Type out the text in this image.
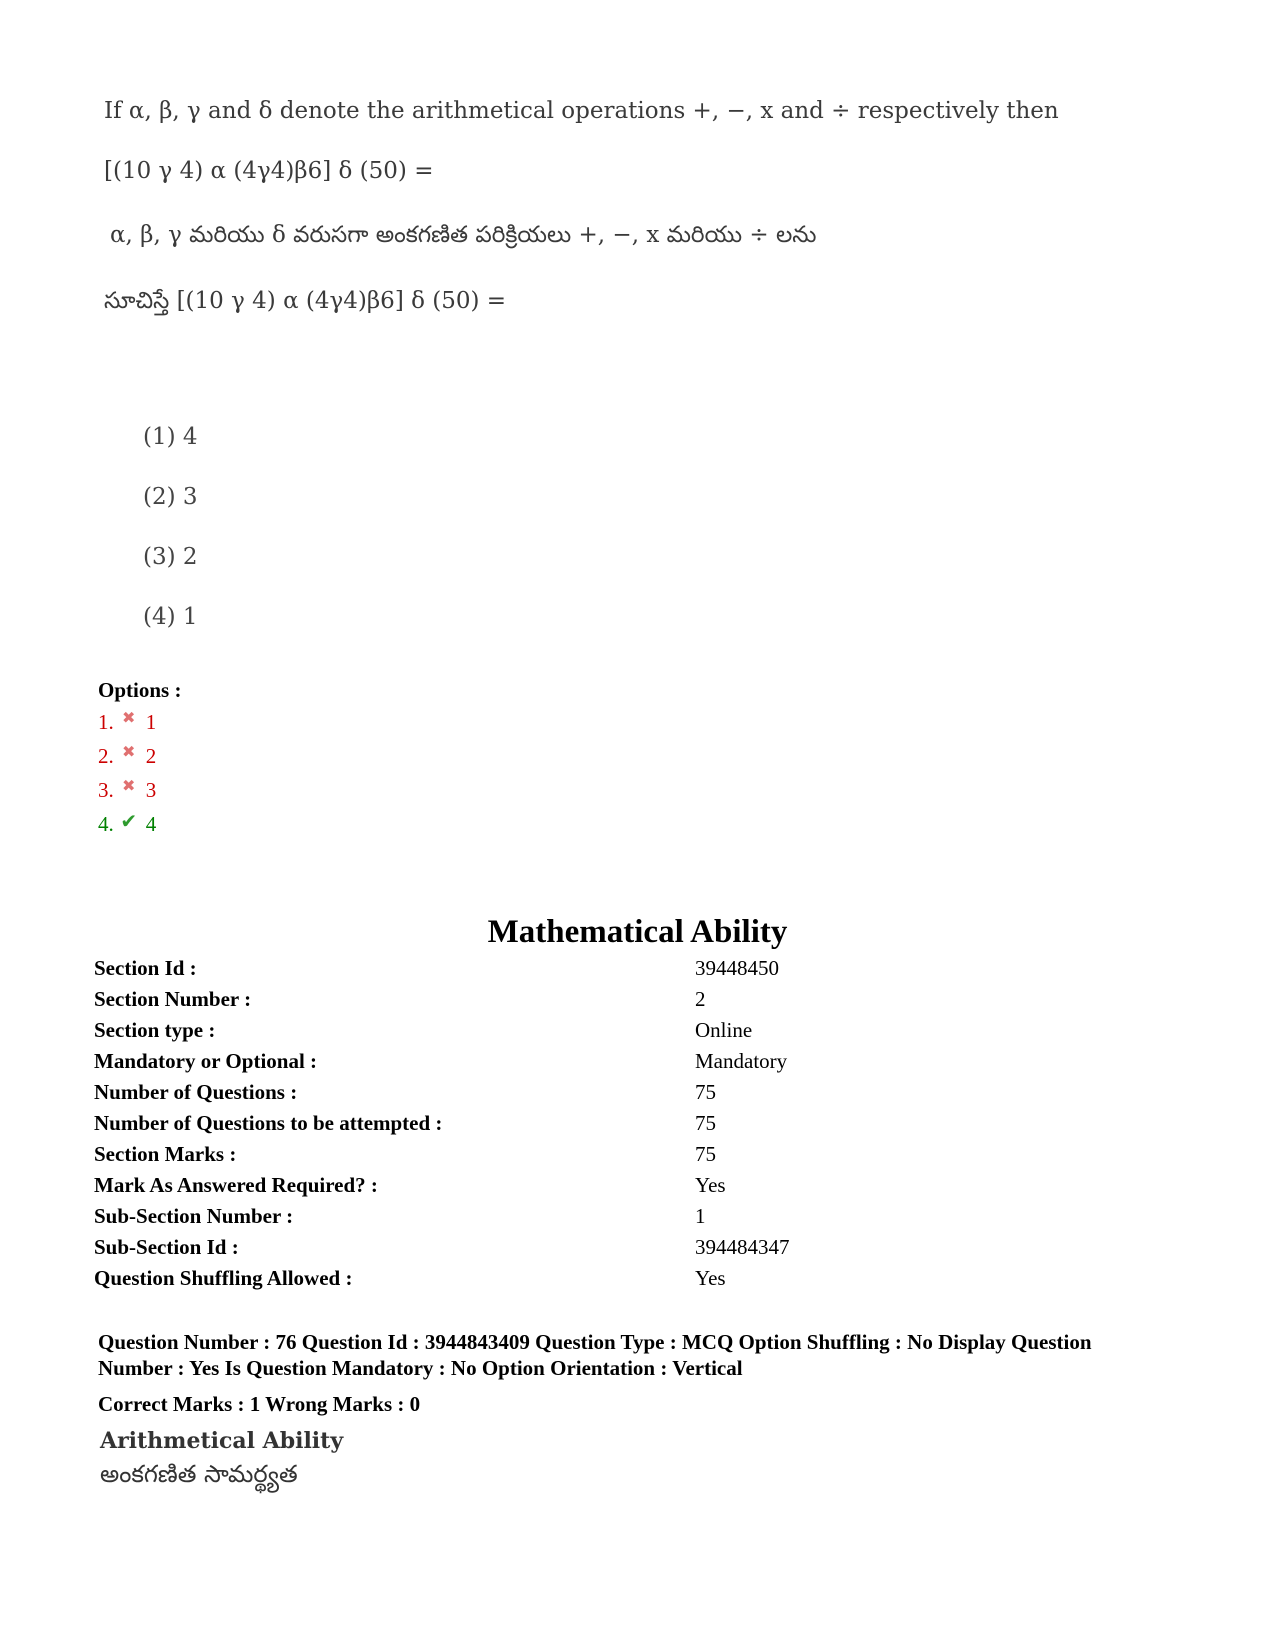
If α, β, γ and δ denote the arithmetical operations +, −, x and ÷ respectively then
[(10 γ 4) α (4γ4)β6] δ (50) =
α, β, γ మరియు δ వరుసగా అంకగణిత పరిక్రియలు +, −, x మరియు ÷ లను
సూచిస్తే [(10 γ 4) α (4γ4)β6] δ (50) =
(1) 4
(2) 3
(3) 2
(4) 1
Options :
1. ✖ 1
2. ✖ 2
3. ✖ 3
4. ✔ 4
Mathematical Ability
Section Id :	39448450
Section Number :	2
Section type :	Online
Mandatory or Optional :	Mandatory
Number of Questions :	75
Number of Questions to be attempted :	75
Section Marks :	75
Mark As Answered Required? :	Yes
Sub-Section Number :	1
Sub-Section Id :	394484347
Question Shuffling Allowed :	Yes
Question Number : 76 Question Id : 3944843409 Question Type : MCQ Option Shuffling : No Display Question
Number : Yes Is Question Mandatory : No Option Orientation : Vertical
Correct Marks : 1 Wrong Marks : 0
Arithmetical Ability
అంకగణిత సామర్థ్యత
